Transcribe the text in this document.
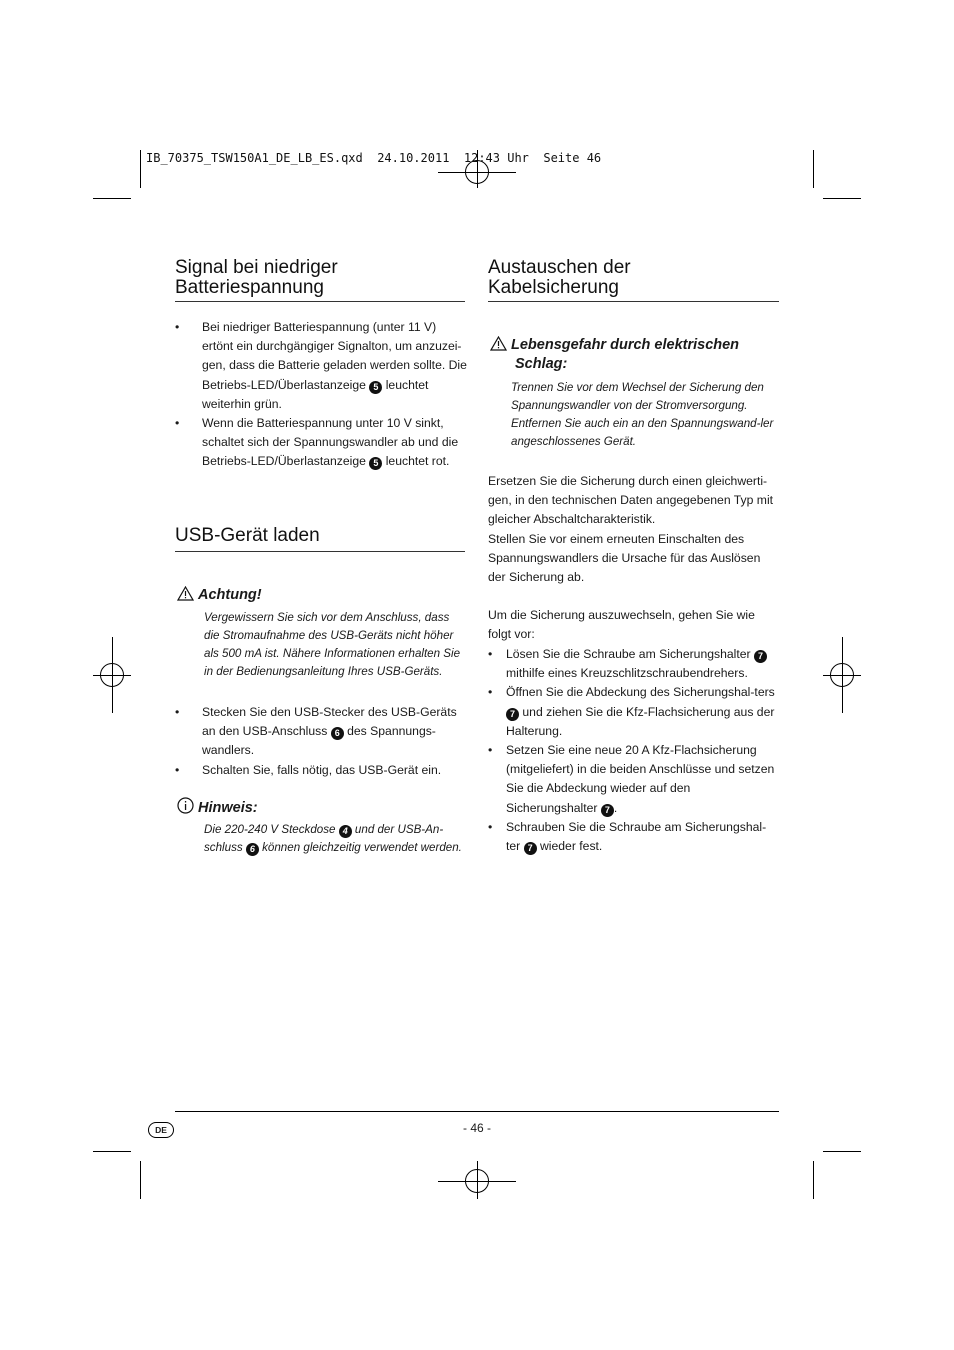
IB_70375_TSW150A1_DE_LB_ES.qxd  24.10.2011  12:43 Uhr  Seite 46
Signal bei niedriger
Batteriespannung
• Bei niedriger Batteriespannung (unter 11 V) ertönt ein durchgängiger Signalton, um anzuzei-gen, dass die Batterie geladen werden sollte. Die Betriebs-LED/Überlastanzeige 5 leuchtet weiterhin grün.
• Wenn die Batteriespannung unter 10 V sinkt, schaltet sich der Spannungswandler ab und die Betriebs-LED/Überlastanzeige 5 leuchtet rot.
USB-Gerät laden
Achtung!

Vergewissern Sie sich vor dem Anschluss, dass die Stromaufnahme des USB-Geräts nicht höher als 500 mA ist. Nähere Informationen erhalten Sie in der Bedienungsanleitung Ihres USB-Geräts.

• Stecken Sie den USB-Stecker des USB-Geräts an den USB-Anschluss 6 des Spannungs-wandlers.
• Schalten Sie, falls nötig, das USB-Gerät ein.
Hinweis:

Die 220-240 V Steckdose 4 und der USB-An-schluss 6 können gleichzeitig verwendet werden.

Austauschen der
Kabelsicherung
Lebensgefahr durch elektrischen
Schlag:

Trennen Sie vor dem Wechsel der Sicherung den Spannungswandler von der Stromversorgung. Entfernen Sie auch ein an den Spannungswand-ler angeschlossenes Gerät.

Ersetzen Sie die Sicherung durch einen gleichwerti-gen, in den technischen Daten angegebenen Typ mit gleicher Abschaltcharakteristik.

Stellen Sie vor einem erneuten Einschalten des Spannungswandlers die Ursache für das Auslösen der Sicherung ab.

Um die Sicherung auszuwechseln, gehen Sie wie folgt vor:

• Lösen Sie die Schraube am Sicherungshalter 7 mithilfe eines Kreuzschlitzschraubendrehers.
• Öffnen Sie die Abdeckung des Sicherungshal-ters 7 und ziehen Sie die Kfz-Flachsicherung aus der Halterung.
• Setzen Sie eine neue 20 A Kfz-Flachsicherung (mitgeliefert) in die beiden Anschlüsse und setzen Sie die Abdeckung wieder auf den Sicherungshalter 7 .
• Schrauben Sie die Schraube am Sicherungshal-ter 7 wieder fest.
DE	- 46 -
